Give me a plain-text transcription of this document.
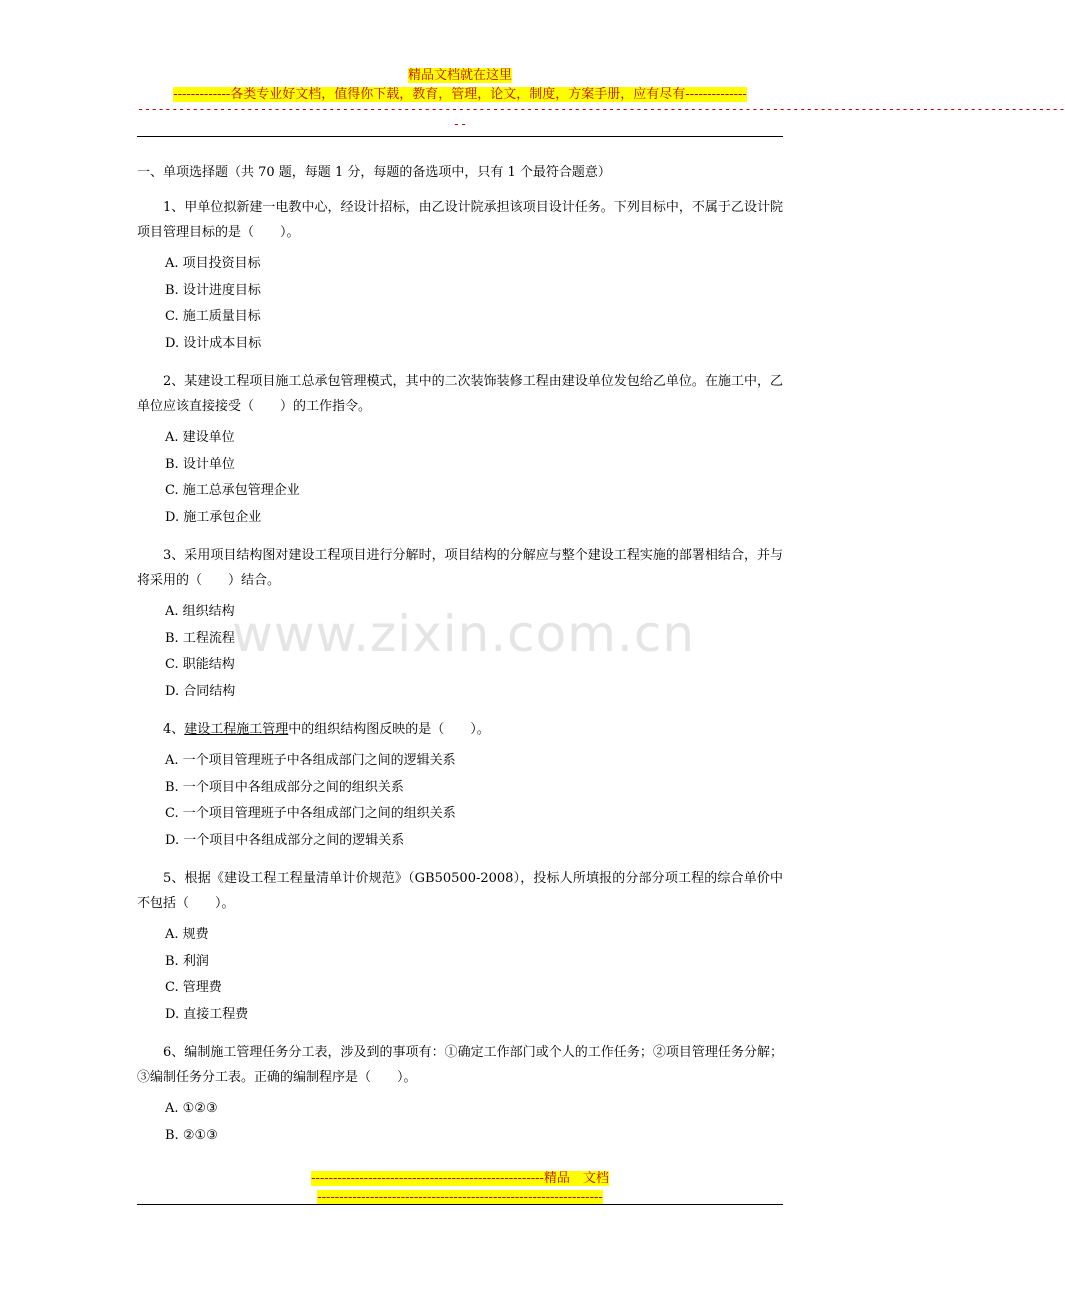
精品文档就在这里
-------------各类专业好文档，值得你下载，教育，管理，论文，制度，方案手册，应有尽有--------------
----------------------------------------------------------------------------------------------------------------------------------------
--
www.zixin.com.cn

一、单项选择题（共 70 题，每题 1 分，每题的备选项中，只有 1 个最符合题意）

1、甲单位拟新建一电教中心，经设计招标，由乙设计院承担该项目设计任务。下列目标中，不属于乙设计院项目管理目标的是（　　）。

A. 项目投资目标
B. 设计进度目标
C. 施工质量目标
D. 设计成本目标

2、某建设工程项目施工总承包管理模式，其中的二次装饰装修工程由建设单位发包给乙单位。在施工中，乙单位应该直接接受（　　）的工作指令。

A. 建设单位
B. 设计单位
C. 施工总承包管理企业
D. 施工承包企业

3、采用项目结构图对建设工程项目进行分解时，项目结构的分解应与整个建设工程实施的部署相结合，并与将采用的（　　）结合。

A. 组织结构
B. 工程流程
C. 职能结构
D. 合同结构

4、建设工程施工管理中的组织结构图反映的是（　　）。

A. 一个项目管理班子中各组成部门之间的逻辑关系
B. 一个项目中各组成部分之间的组织关系
C. 一个项目管理班子中各组成部门之间的组织关系
D. 一个项目中各组成部分之间的逻辑关系

5、根据《建设工程工程量清单计价规范》（GB50500-2008），投标人所填报的分部分项工程的综合单价中不包括（　　）。

A. 规费
B. 利润
C. 管理费
D. 直接工程费

6、编制施工管理任务分工表，涉及到的事项有：①确定工作部门或个人的工作任务；②项目管理任务分解；③编制任务分工表。正确的编制程序是（　　）。

A. ①②③
B. ②①③
-----------------------------------------------------精品　文档
-----------------------------------------------------------------
